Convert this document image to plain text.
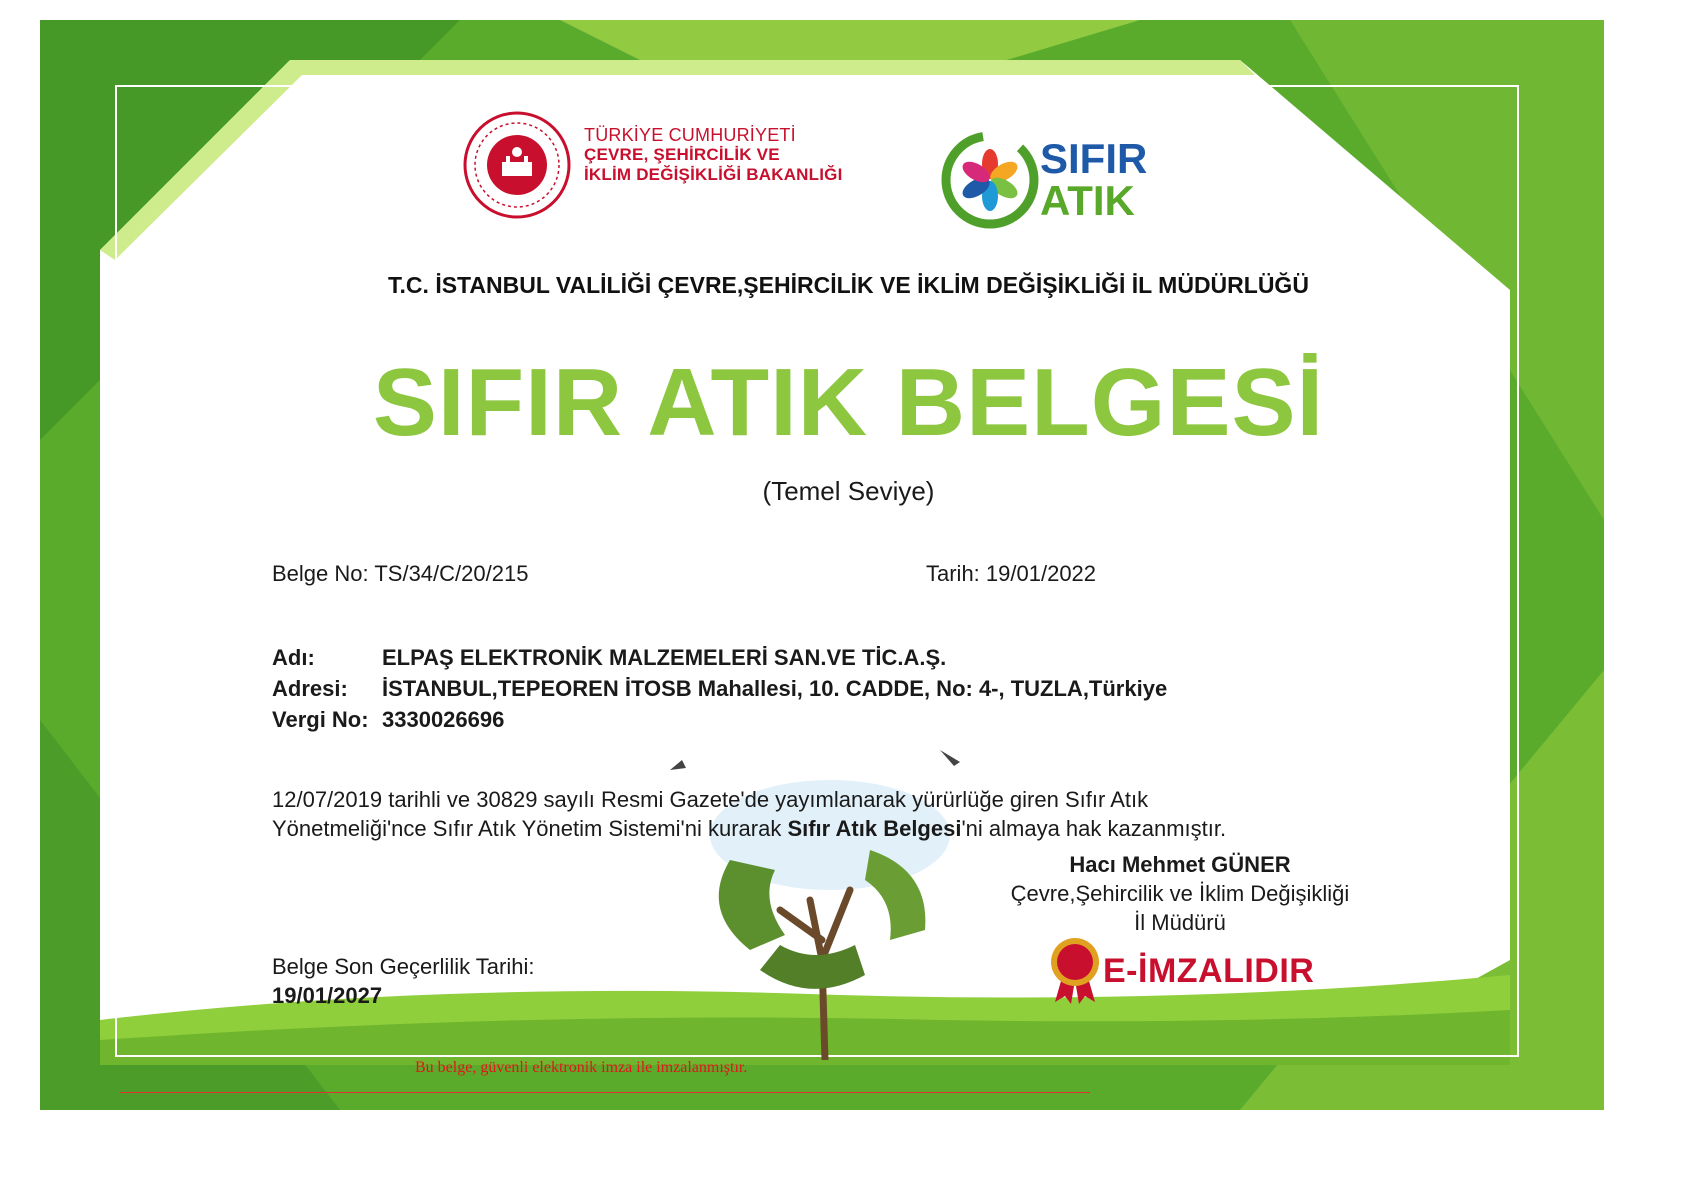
TÜRKİYE CUMHURİYETİ
ÇEVRE, ŞEHİRCİLİK VE
İKLİM DEĞİŞİKLİĞİ BAKANLIĞI	SIFIR
ATIK
T.C. İSTANBUL VALİLİĞİ ÇEVRE,ŞEHİRCİLİK VE İKLİM DEĞİŞİKLİĞİ İL MÜDÜRLÜĞÜ
SIFIR ATIK BELGESİ
(Temel Seviye)
Belge No: TS/34/C/20/215	Tarih: 19/01/2022
Adı:	ELPAŞ ELEKTRONİK MALZEMELERİ SAN.VE TİC.A.Ş.
Adresi: İSTANBUL,TEPEOREN İTOSB Mahallesi, 10. CADDE, No: 4-, TUZLA,Türkiye
Vergi No: 3330026696
12/07/2019 tarihli ve 30829 sayılı Resmi Gazete'de yayımlanarak yürürlüğe giren Sıfır Atık
Yönetmeliği'nce Sıfır Atık Yönetim Sistemi'ni kurarak Sıfır Atık Belgesi'ni almaya hak kazanmıştır.
Hacı Mehmet GÜNER
Çevre,Şehircilik ve İklim Değişikliği
İl Müdürü
E-İMZALIDIR
Belge Son Geçerlilik Tarihi:
19/01/2027
Bu belge, güvenli elektronik imza ile imzalanmıştır.
